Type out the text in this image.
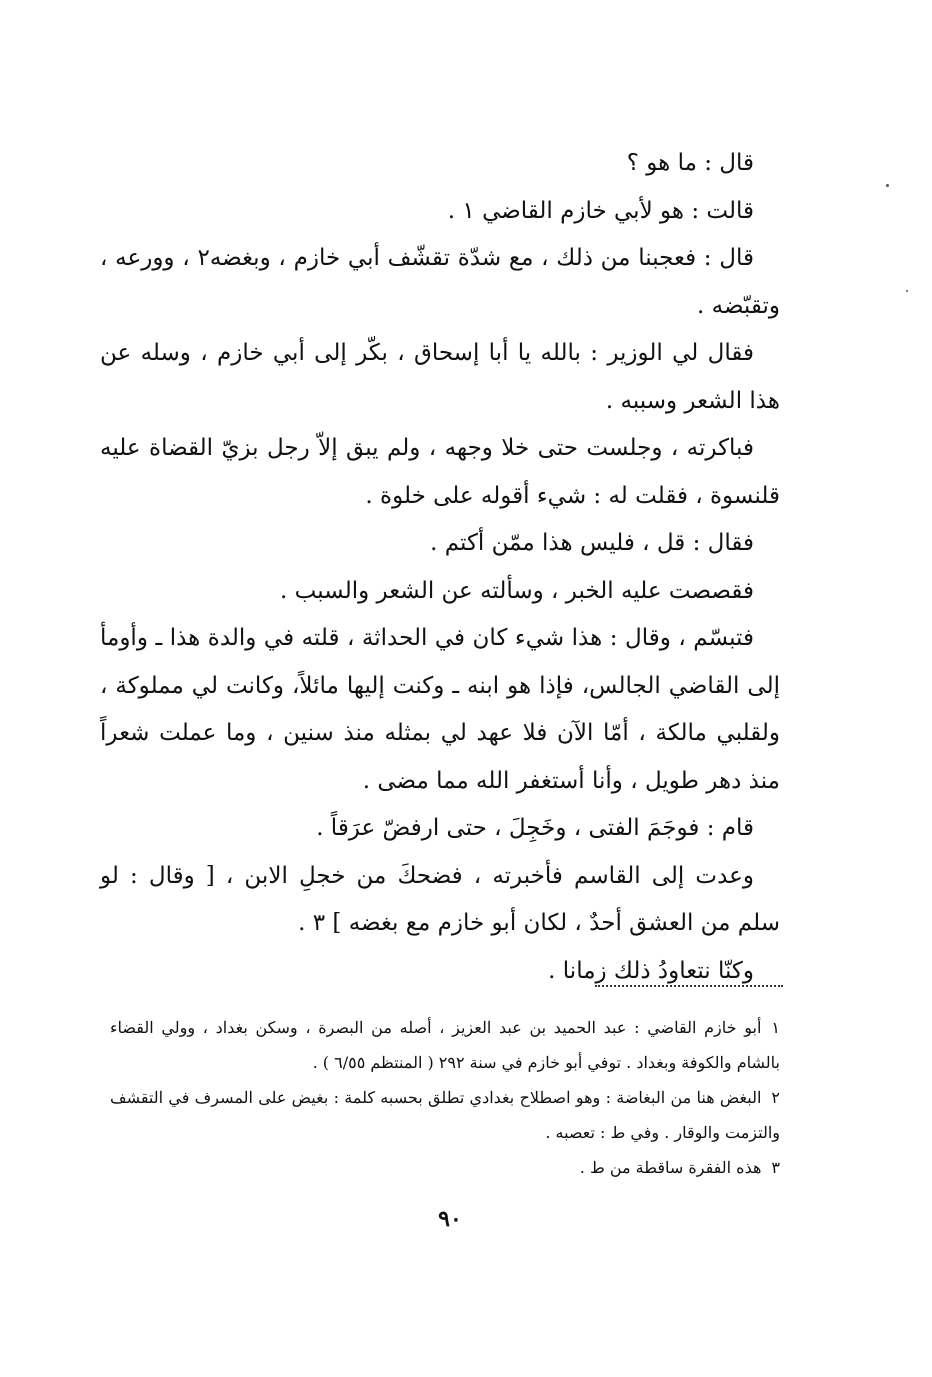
قال : ما هو ؟

قالت : هو لأبي خازم القاضي ١ .

قال : فعجبنا من ذلك ، مع شدّة تقشّف أبي خازم ، وبغضه٢ ، وورعه ، وتقبّضه .

فقال لي الوزير : بالله يا أبا إسحاق ، بكّر إلى أبي خازم ، وسله عن هذا الشعر وسببه .

فباكرته ، وجلست حتى خلا وجهه ، ولم يبق إلاّ رجل بزيّ القضاة عليه قلنسوة ، فقلت له : شيء أقوله على خلوة .

فقال : قل ، فليس هذا ممّن أكتم .

فقصصت عليه الخبر ، وسألته عن الشعر والسبب .

فتبسّم ، وقال : هذا شيء كان في الحداثة ، قلته في والدة هذا ـ وأومأ إلى القاضي الجالس، فإذا هو ابنه ـ وكنت إليها مائلاً، وكانت لي مملوكة ، ولقلبي مالكة ، أمّا الآن فلا عهد لي بمثله منذ سنين ، وما عملت شعراً منذ دهر طويل ، وأنا أستغفر الله مما مضى .

قام : فوجَمَ الفتى ، وخَجِلَ ، حتى ارفضّ عرَقاً .

وعدت إلى القاسم فأخبرته ، فضحكَ من خجلِ الابن ، [ وقال : لو سلم من العشق أحدٌ ، لكان أبو خازم مع بغضه ] ٣ .

وكنّا نتعاودُ ذلك زمانا .

١أبو خازم القاضي : عبد الحميد بن عبد العزيز ، أصله من البصرة ، وسكن بغداد ، وولي القضاء بالشام والكوفة وبغداد . توفي أبو خازم في سنة ٢٩٢ ( المنتظم ٦/٥٥ ) .

٢البغض هنا من البغاضة : وهو اصطلاح بغدادي تطلق بحسبه كلمة : بغيض على المسرف في التقشف والتزمت والوقار . وفي ط : تعصبه .

٣هذه الفقرة ساقطة من ط .

٩٠
